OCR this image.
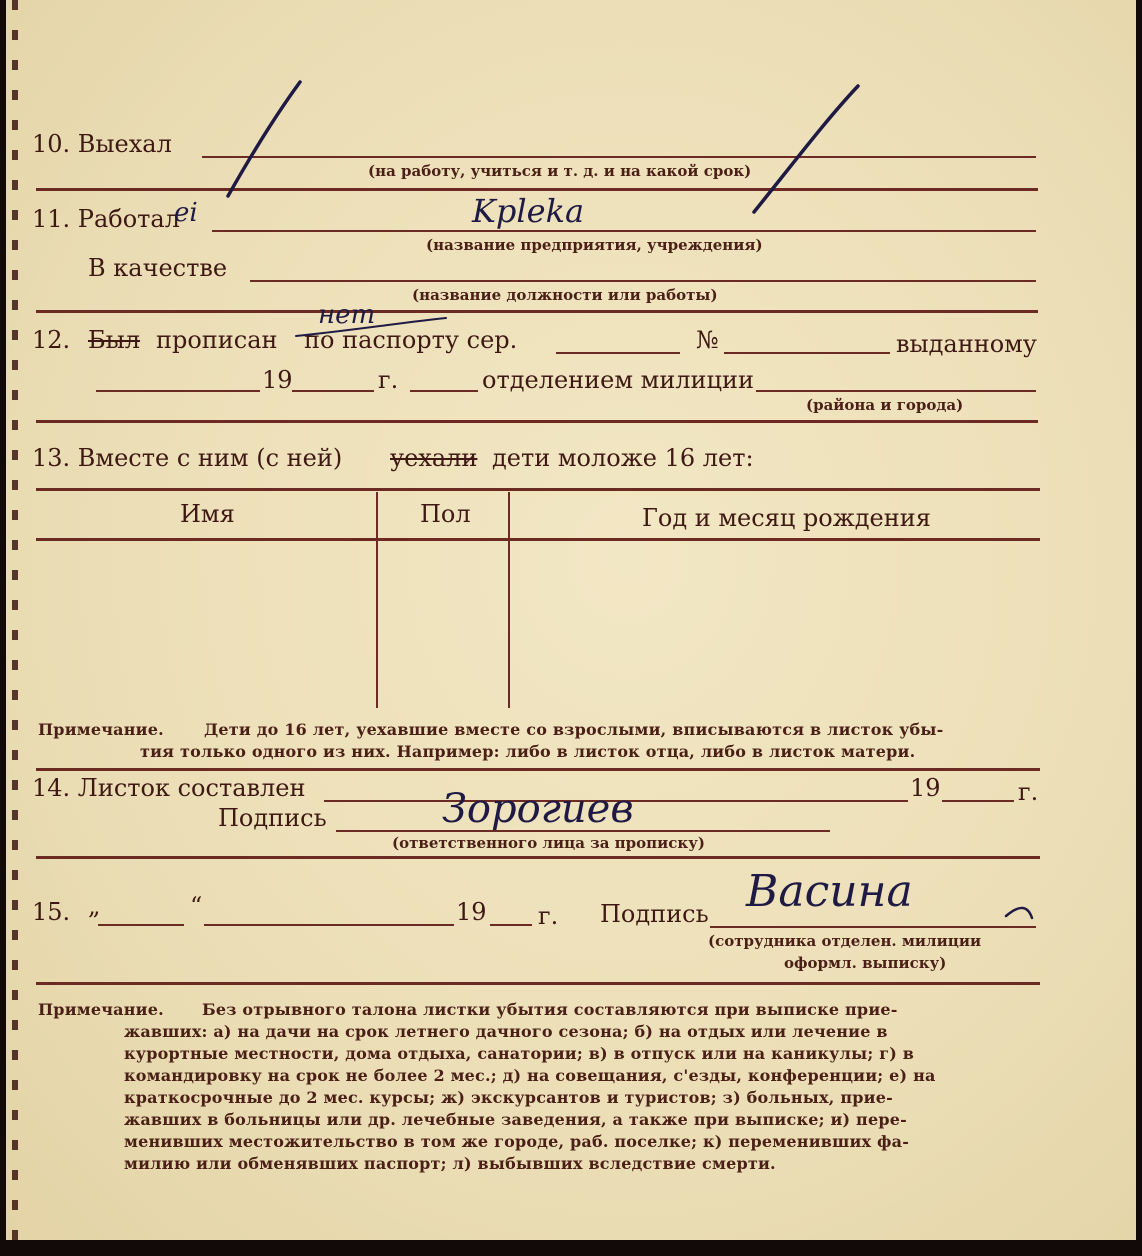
10. Выехал
(на работу, учиться и т. д. и на какой срок)
11. Работал
ei	Kpleka
(название предприятия, учреждения)
В качестве
(название должности или работы)
12. Был прописан
нет
по паспорту сер.	№	выданному
19	г.	отделением милиции
(района и города)
13. Вместе с ним (с ней) уехали дети моложе 16 лет:
Имя	Пол	Год и месяц рождения
Примечание.	Дети до 16 лет, уехавшие вместе со взрослыми, вписываются в листок убы-
тия только одного из них. Например: либо в листок отца, либо в листок матери.
14. Листок составлен	19	г.
Подпись	Зорогиев
(ответственного лица за прописку)
15. „	“	19 г. Подпись Васина
(сотрудника отделен. милиции
оформл. выписку)
Примечание. Без отрывного талона листки убытия составляются при выписке прие-
жавших: а) на дачи на срок летнего дачного сезона; б) на отдых или лечение в
курортные местности, дома отдыха, санатории; в) в отпуск или на каникулы; г) в
командировку на срок не более 2 мес.; д) на совещания, с'езды, конференции; е) на
краткосрочные до 2 мес. курсы; ж) экскурсантов и туристов; з) больных, прие-
жавших в больницы или др. лечебные заведения, а также при выписке; и) пере-
менивших местожительство в том же городе, раб. поселке; к) переменивших фа-
милию или обменявших паспорт; л) выбывших вследствие смерти.
